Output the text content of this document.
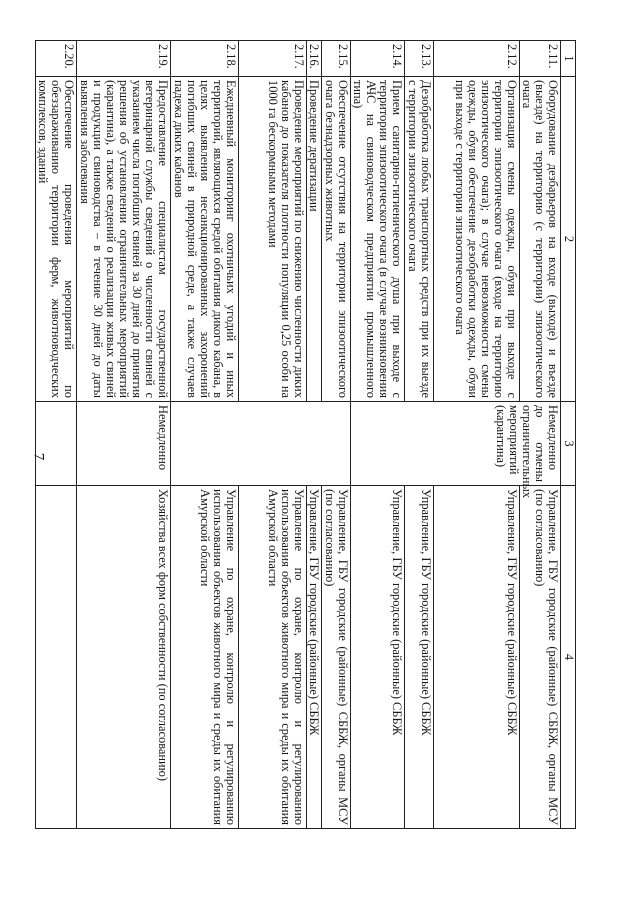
7
1	2	3	4
2.11.	Оборудование дезбарьеров на входе (выходе) и въезде (выезде) на территорию (с территории) эпизоотического очага	Немедленно до отмены ограничительных мероприятий (карантина)	Управление, ГБУ городские (районные) СББЖ, органы МСУ (по согласованию)
2.12.	Организация смены одежды, обуви при выходе с территории эпизоотического очага (входе на территорию эпизоотического очага); в случае невозможности смены одежды, обуви обеспечение дезобработки одежды, обуви при выходе с территории эпизоотического очага		Управление, ГБУ городские (районные) СББЖ
2.13.	Дезобработка любых транспортных средств при их выезде с территории эпизоотического очага		Управление, ГБУ городские (районные) СББЖ
2.14.	Прием санитарно-гигиенического душа при выходе с территории эпизоотического очага (в случае возникновения АЧС на свиноводческом предприятии промышленного типа)		Управление, ГБУ городские (районные) СББЖ
2.15.	Обеспечение отсутствия на территории эпизоотического очага безнадзорных животных		Управление, ГБУ городские (районные) СББЖ, органы МСУ (по согласованию)
2.16.	Проведение дератизации		Управление, ГБУ городские (районные) СББЖ
2.17.	Проведение мероприятий по снижению численности диких кабанов до показателя плотности популяции 0,25 особи на 1000 га бескормными методами		Управление по охране, контролю и регулированию использования объектов животного мира и среды их обитания Амурской области
2.18.	Ежедневный мониторинг охотничьих угодий и иных территорий, являющихся средой обитания дикого кабана, в целях выявления несанкционированных захоронений погибших свиней в природной среде, а также случаев падежа диких кабанов		Управление по охране, контролю и регулированию использования объектов животного мира и среды их обитания Амурской области
2.19.	Предоставление специалистам государственной ветеринарной службы сведений о численности свиней с указанием числа погибших свиней за 30 дней до принятия решения об установлении ограничительных мероприятий (карантина), а также сведений о реализации живых свиней и продукции свиноводства – в течение 30 дней до даты выявления заболевания	Немедленно	Хозяйства всех форм собственности (по согласованию)
2.20.	Обеспечение проведения мероприятий по обеззараживанию территории ферм, животноводческих комплексов, зданий		
